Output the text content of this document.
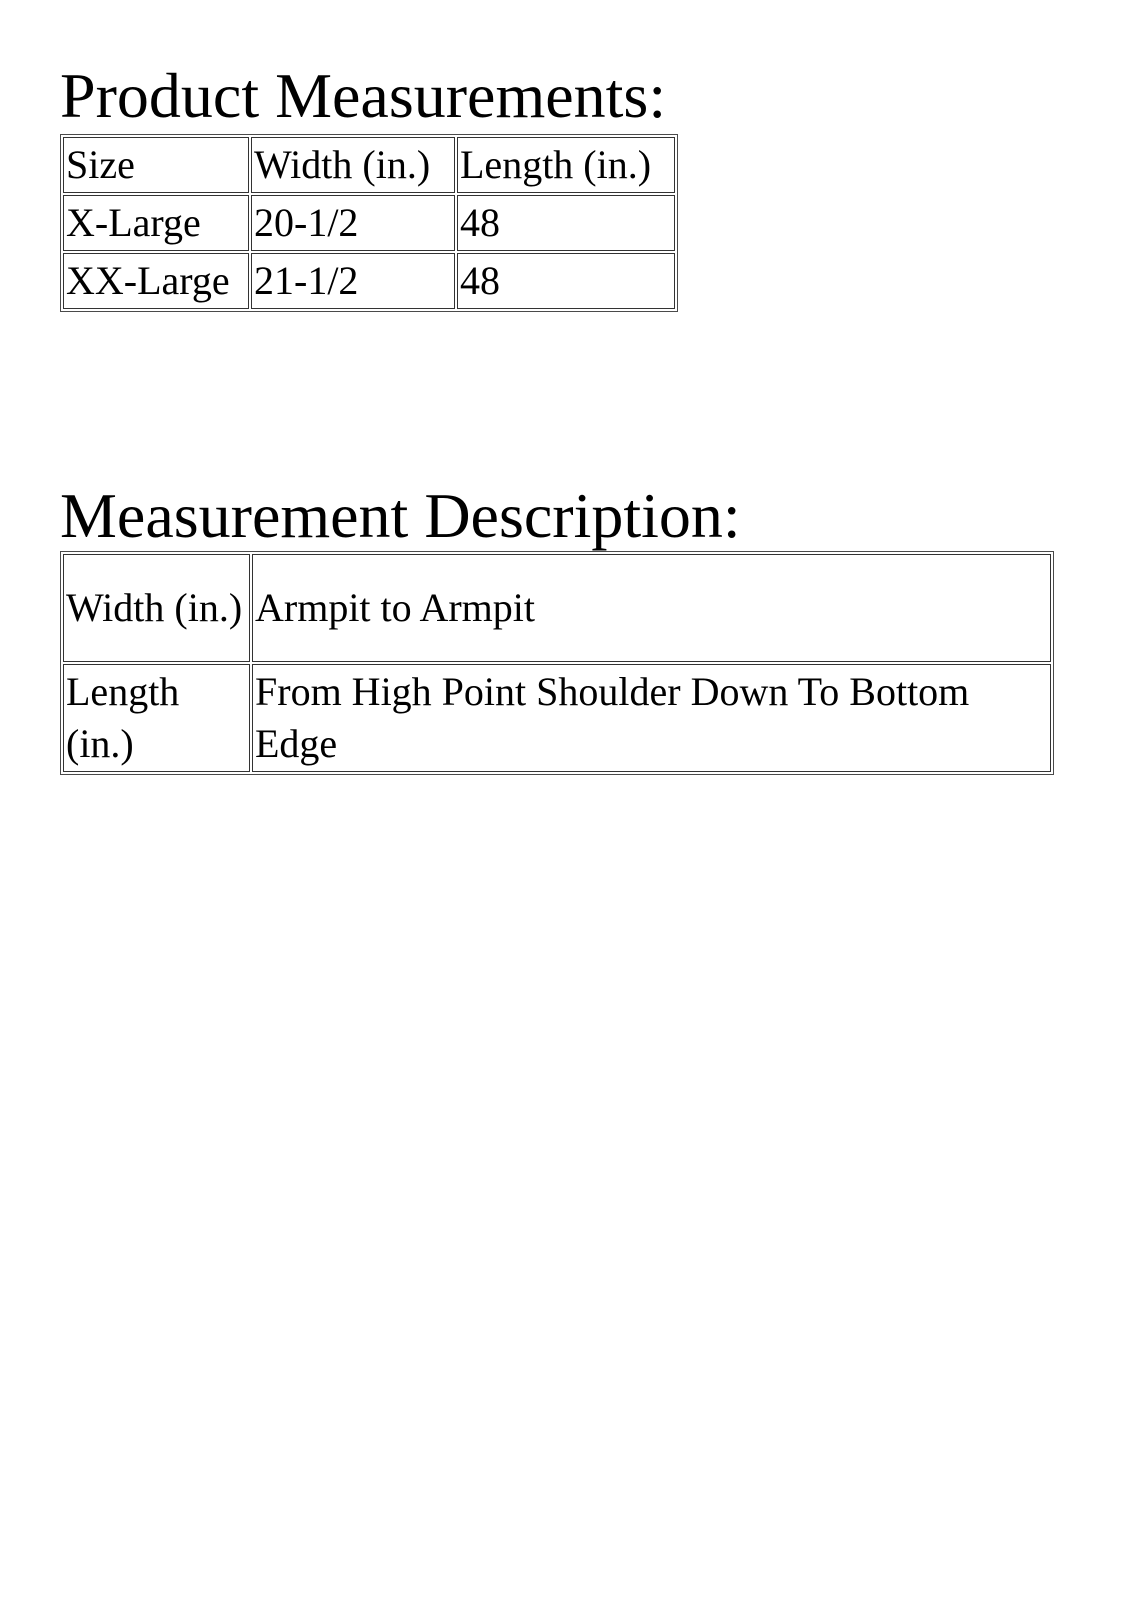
Product Measurements:
Size	Width (in.)	Length (in.)
X-Large	20-1/2	48
XX-Large	21-1/2	48
Measurement Description:
Width (in.)	Armpit to Armpit
Length (in.)	From High Point Shoulder Down To Bottom Edge
